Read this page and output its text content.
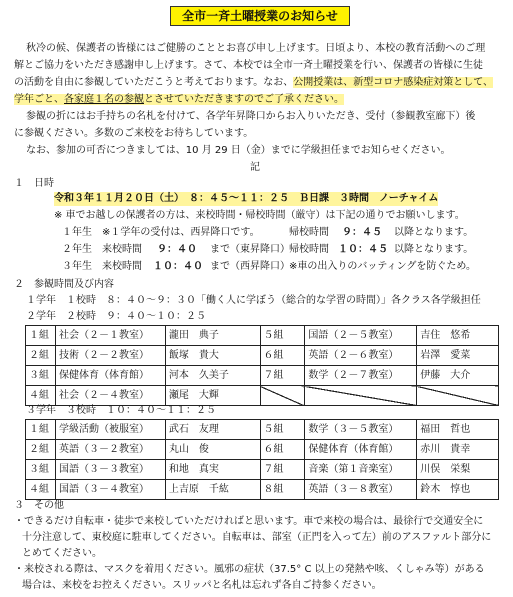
全市一斉土曜授業のお知らせ
秋冷の候、保護者の皆様にはご健勝のこととお喜び申し上げます。日頃より、本校の教育活動へのご理
解とご協力をいただき感謝申し上げます。さて、本校では全市一斉土曜授業を行い、保護者の皆様に生徒
の活動を自由に参観していただこうと考えております。なお、公開授業は、新型コロナ感染症対策として、
学年ごと、各家庭１名の参観とさせていただきますのでご了承ください。
参観の折にはお手持ちの名札を付けて、各学年昇降口からお入りいただき、受付（参観教室廊下）後
に参観ください。多数のご来校をお待ちしています。
なお、参加の可否につきましては、10 月 29 日（金）までに学級担任までお知らせください。
記
１　日時
令和３年１１月２０日（土）　８：４５〜１１：２５　Ｂ日課　３時間　ノーチャイム
※ 車でお越しの保護者の方は、来校時間・帰校時間（厳守）は下記の通りでお願いします。
１年生　※１学年の受付は、西昇降口です。	帰校時間 ９：４５ 以降となります。
２年生　来校時間 ９：４０ まで（東昇降口） 帰校時間 １０：４５ 以降となります。
３年生　来校時間 １０：４０ まで（西昇降口） ※車の出入りのバッティングを防ぐため。
２　参観時間及び内容
１学年　１校時　８：４０〜９：３０「働く人に学ぼう（総合的な学習の時間）」各クラス各学級担任
２学年　２校時　９：４０〜１０：２５
１組	社会（２－１教室）	瀧田　典子	５組	国語（２－５教室）	吉住　悠希
２組	技術（２－２教室）	飯塚　貴大	６組	英語（２－６教室）	岩澤　愛菜
３組	保健体育（体育館）	河本　久美子	７組	数学（２－７教室）	伊藤　大介
４組	社会（２－４教室）	瀬尾　大輝			
３学年　３校時　１０：４０〜１１：２５
１組	学級活動（被服室）	武石　友理	５組	数学（３－５教室）	福田　哲也
２組	英語（３－２教室）	丸山　俊	６組	保健体育（体育館）	赤川　貴幸
３組	国語（３－３教室）	和地　真実	７組	音楽（第１音楽室）	川俣　栄梨
４組	国語（３－４教室）	上吉原　千紘	８組	英語（３－８教室）	鈴木　惇也
３　その他
・できるだけ自転車・徒歩で来校していただければと思います。車で来校の場合は、最徐行で交通安全に
十分注意して、東校庭に駐車してください。自転車は、部室（正門を入って左）前のアスファルト部分に
とめてください。
・来校される際は、マスクを着用ください。風邪の症状（37.5° C 以上の発熱や咳、くしゃみ等）がある
場合は、来校をお控えください。スリッパと名札は忘れず各自ご持参ください。
